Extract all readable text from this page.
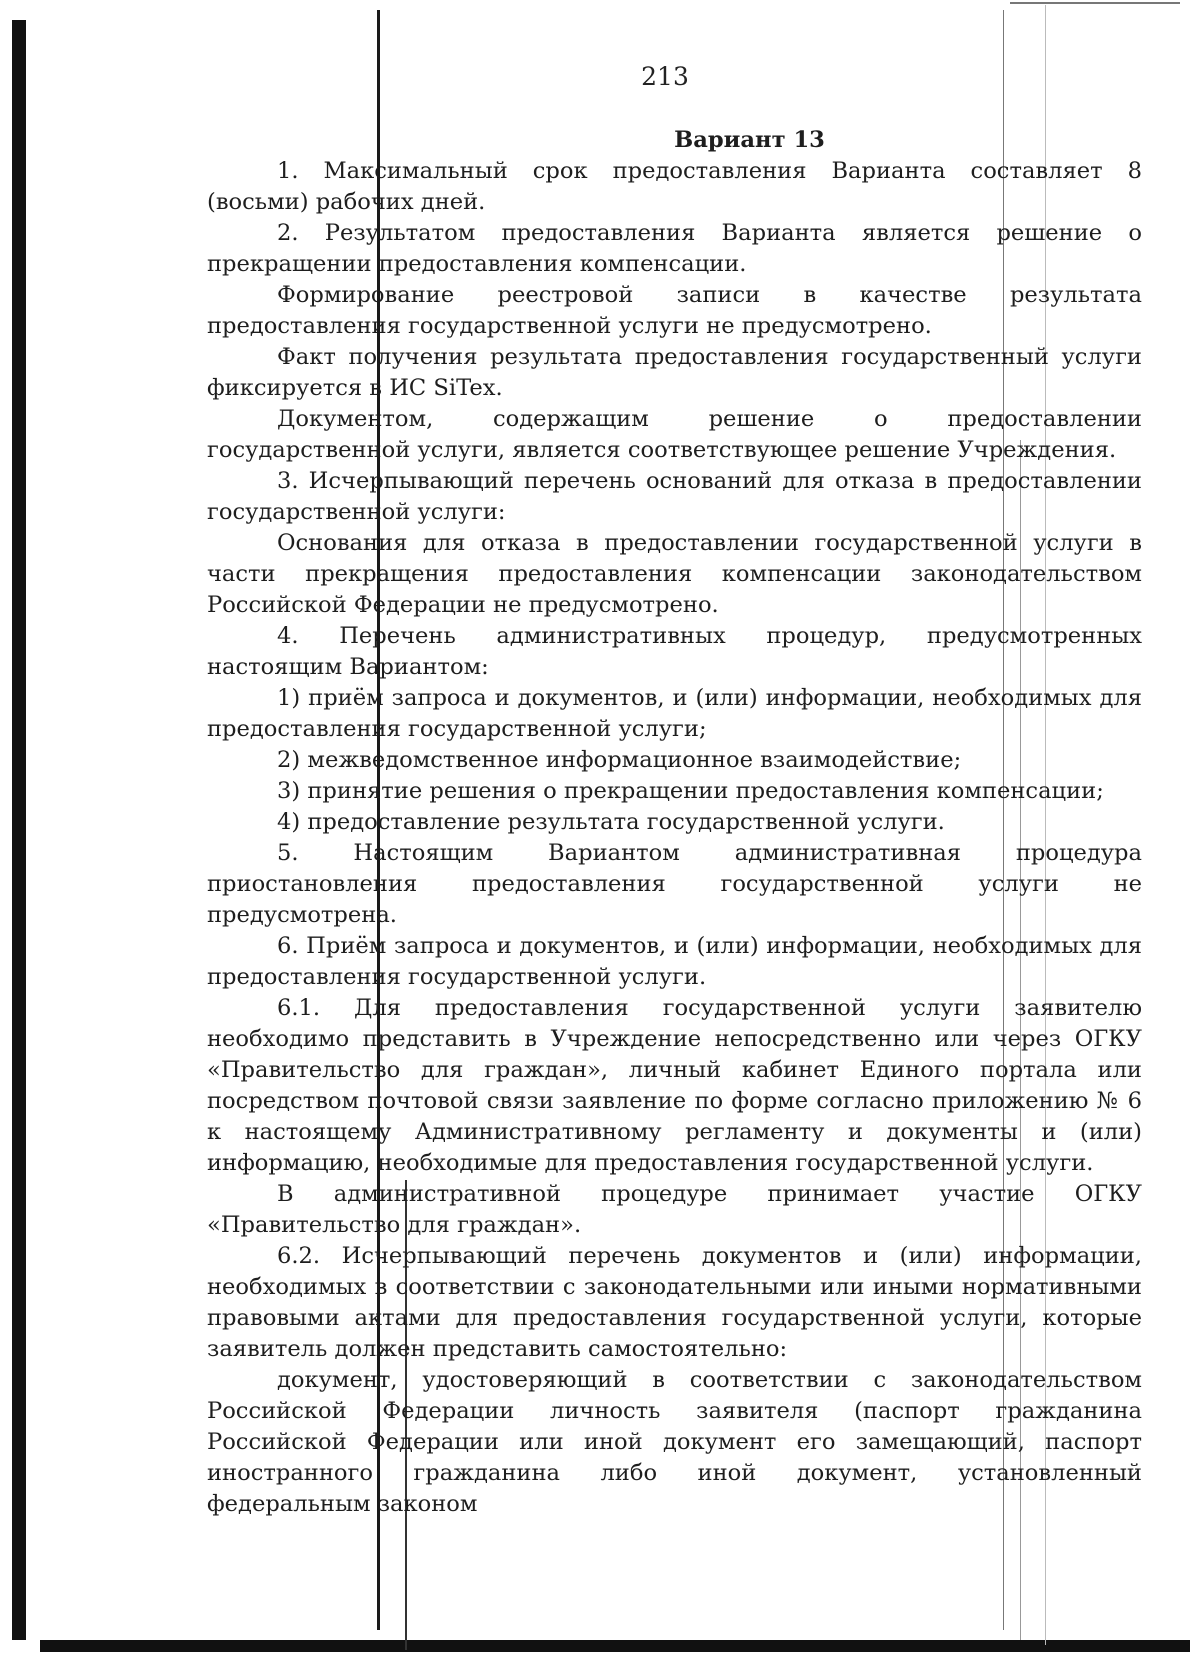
213

Вариант 13

1. Максимальный срок предоставления Варианта составляет 8 (восьми) рабочих дней.

2. Результатом предоставления Варианта является решение о прекращении предоставления компенсации.

Формирование реестровой записи в качестве результата предоставления государственной услуги не предусмотрено.

Факт получения результата предоставления государственный услуги фиксируется в ИС SiTex.

Документом, содержащим решение о предоставлении государственной услуги, является соответствующее решение Учреждения.

3. Исчерпывающий перечень оснований для отказа в предоставлении государственной услуги:

Основания для отказа в предоставлении государственной услуги в части прекращения предоставления компенсации законодательством Российской Федерации не предусмотрено.

4. Перечень административных процедур, предусмотренных настоящим Вариантом:

1) приём запроса и документов, и (или) информации, необходимых для предоставления государственной услуги;

2) межведомственное информационное взаимодействие;

3) принятие решения о прекращении предоставления компенсации;

4) предоставление результата государственной услуги.

5. Настоящим Вариантом административная процедура приостановления предоставления государственной услуги не предусмотрена.

6. Приём запроса и документов, и (или) информации, необходимых для предоставления государственной услуги.

6.1. Для предоставления государственной услуги заявителю необходимо представить в Учреждение непосредственно или через ОГКУ «Правительство для граждан», личный кабинет Единого портала или посредством почтовой связи заявление по форме согласно приложению № 6 к настоящему Административному регламенту и документы и (или) информацию, необходимые для предоставления государственной услуги.

В административной процедуре принимает участие ОГКУ «Правительство для граждан».

6.2. Исчерпывающий перечень документов и (или) информации, необходимых в соответствии с законодательными или иными нормативными правовыми актами для предоставления государственной услуги, которые заявитель должен представить самостоятельно:

документ, удостоверяющий в соответствии с законодательством Российской Федерации личность заявителя (паспорт гражданина Российской Федерации или иной документ его замещающий, паспорт иностранного гражданина либо иной документ, установленный федеральным законом
